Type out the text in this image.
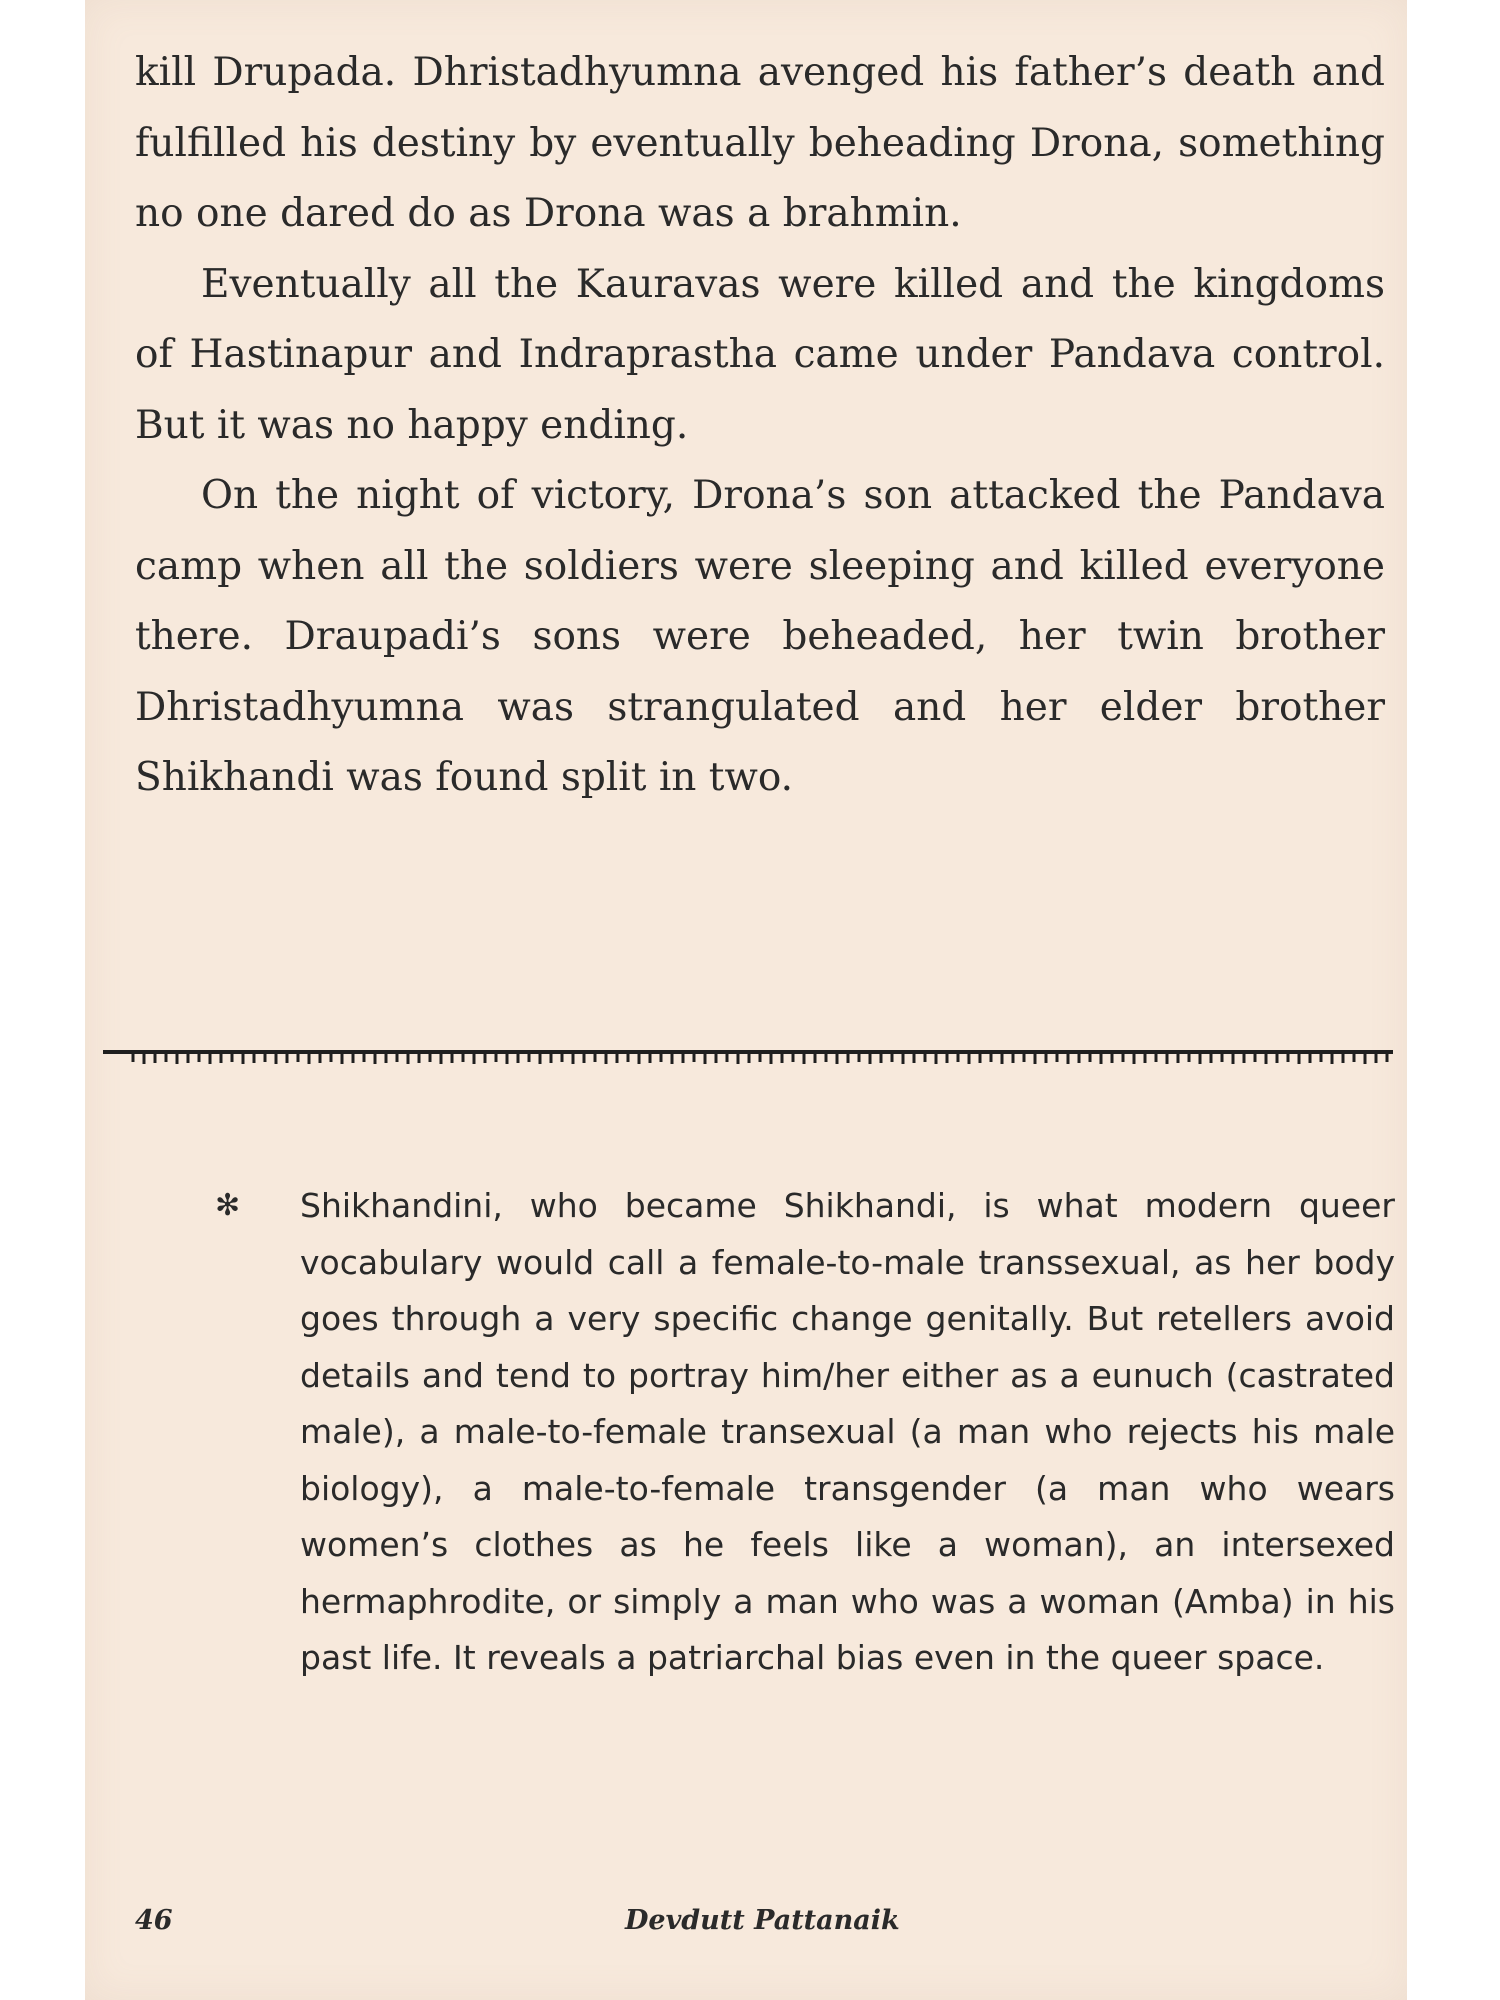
kill Drupada. Dhristadhyumna avenged his father’s death and fulfilled his destiny by eventually beheading Drona, something no one dared do as Drona was a brahmin.

Eventually all the Kauravas were killed and the kingdoms of Hastinapur and Indraprastha came under Pandava control. But it was no happy ending.

On the night of victory, Drona’s son attacked the Pandava camp when all the soldiers were sleeping and killed everyone there. Draupadi’s sons were beheaded, her twin brother Dhristadhyumna was strangulated and her elder brother Shikhandi was found split in two.

✻ Shikhandini, who became Shikhandi, is what modern queer vocabulary would call a female-to-male transsexual, as her body goes through a very specific change genitally. But retellers avoid details and tend to portray him/her either as a eunuch (castrated male), a male-to-female transexual (a man who rejects his male biology), a male-to-female transgender (a man who wears women’s clothes as he feels like a woman), an intersexed hermaphrodite, or simply a man who was a woman (Amba) in his past life. It reveals a patriarchal bias even in the queer space.
46	Devdutt Pattanaik
